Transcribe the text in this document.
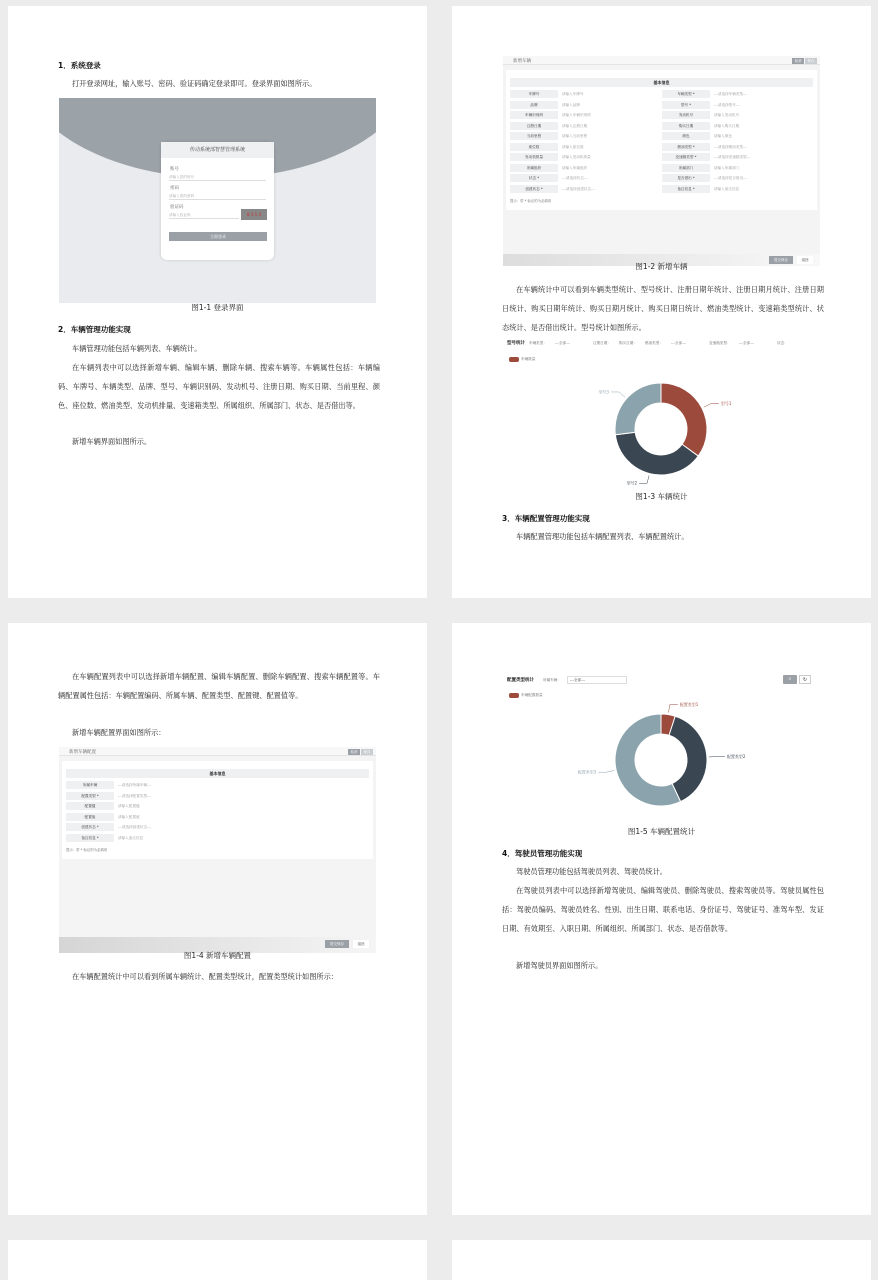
1．系统登录
打开登录网址，输入账号、密码、验证码确定登录即可。登录界面如图所示。
传动系统部智慧管理系统
账号
请输入您的账号
密码
请输入您的密码
验证码
请输入验证码	8 3 5 4
立即登录
图1-1 登录界面
2．车辆管理功能实现
车辆管理功能包括车辆列表、车辆统计。
在车辆列表中可以选择新增车辆、编辑车辆、删除车辆、搜索车辆等。车辆属性包括：车辆编码、车牌号、车辆类型、品牌、型号、车辆识别码、发动机号、注册日期、购买日期、当前里程、颜色、座位数、燃油类型、发动机排量、变速箱类型、所属组织、所属部门、状态、是否借出等。
新增车辆界面如图所示。
新增车辆	取消	保存
基本信息
车牌号	请输入车牌号	车辆类型 *	---请选择车辆类型---
品牌	请输入品牌	型号 *	---请选择型号---
车辆识别码	请输入车辆识别码	发动机号	请输入发动机号
注册日期	请输入注册日期	购买日期	请输入购买日期
当前里程	请输入当前里程	颜色	请输入颜色
座位数	请输入座位数	燃油类型 *	---请选择燃油类型---
发动机排量	请输入发动机排量	变速箱类型 *	---请选择变速箱类型---
所属组织	请输入所属组织	所属部门	请输入所属部门
状态 *	---请选择状态---	是否借出 *	---请选择是否借出---
创建状态 *	---请选择创建状态---	备注信息 *	请输入备注信息
提示：带 * 标记的为必填项
提交保存	返回
图1-2 新增车辆
在车辆统计中可以看到车辆类型统计、型号统计、注册日期年统计、注册日期月统计、注册日期日统计、购买日期年统计、购买日期月统计、购买日期日统计、燃油类型统计、变速箱类型统计、状态统计、是否借出统计。型号统计如图所示。
型号统计 车辆类型： ---全部---	注册日期： 购买日期： 燃油类型： ---全部---	变速箱类型： ---全部---	状态：
车辆数量
型号1
型号2
型号3
图1-3 车辆统计
3．车辆配置管理功能实现
车辆配置管理功能包括车辆配置列表、车辆配置统计。
在车辆配置列表中可以选择新增车辆配置、编辑车辆配置、删除车辆配置、搜索车辆配置等。车辆配置属性包括：车辆配置编码、所属车辆、配置类型、配置键、配置值等。
新增车辆配置界面如图所示：
新增车辆配置	取消	保存
基本信息
所属车辆	---请选择所属车辆---
配置类型 *	---请选择配置类型---
配置键	请输入配置键
配置值	请输入配置值
创建状态 *	---请选择创建状态---
备注信息 *	请输入备注信息
提示：带 * 标记的为必填项
提交保存	返回
图1-4 新增车辆配置
在车辆配置统计中可以看到所属车辆统计、配置类型统计，配置类型统计如图所示：
配置类型统计	所属车辆：	---全部---	⌕	↻
车辆配置数量
配置类型1
配置类型2
配置类型3
图1-5 车辆配置统计
4．驾驶员管理功能实现
驾驶员管理功能包括驾驶员列表、驾驶员统计。
在驾驶员列表中可以选择新增驾驶员、编辑驾驶员、删除驾驶员、搜索驾驶员等。驾驶员属性包括：驾驶员编码、驾驶员姓名、性别、出生日期、联系电话、身份证号、驾驶证号、准驾车型、发证日期、有效期至、入职日期、所属组织、所属部门、状态、是否借款等。
新增驾驶员界面如图所示。
